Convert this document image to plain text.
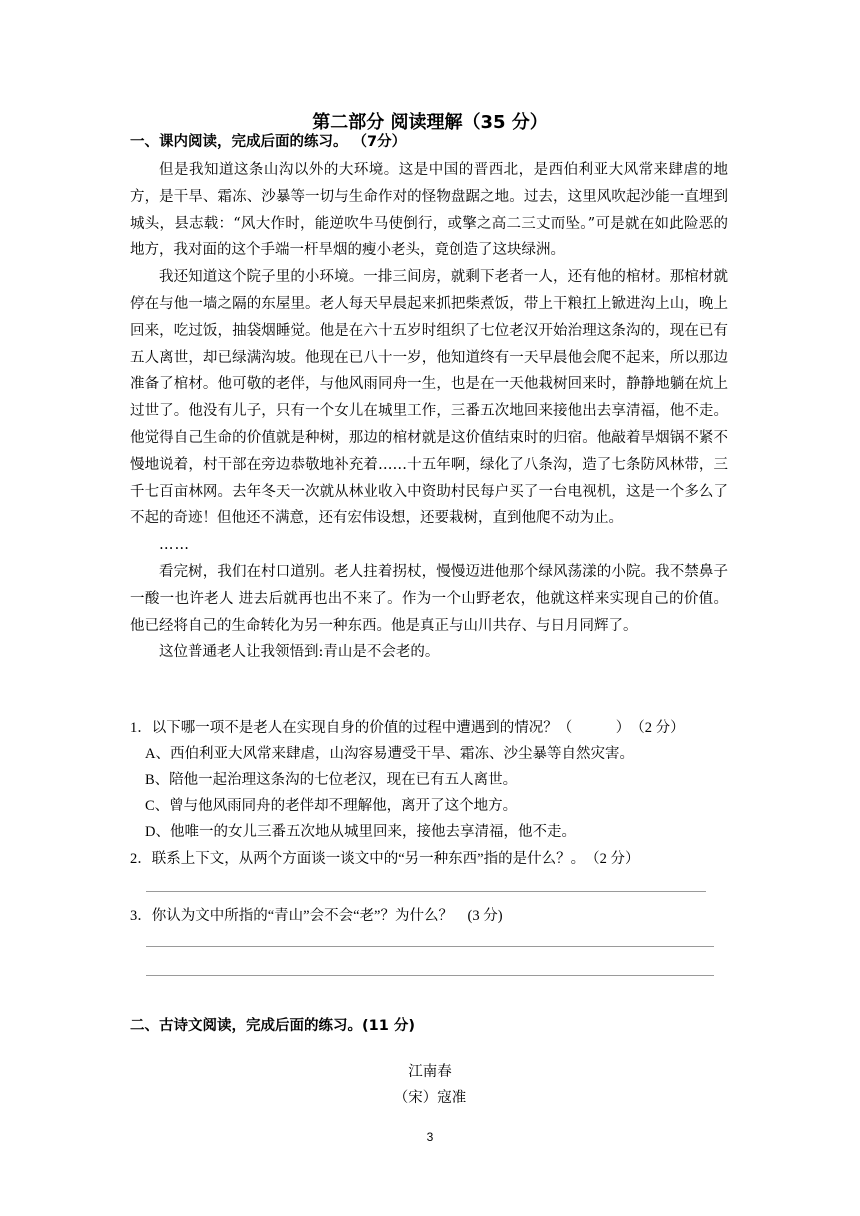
第二部分 阅读理解（35 分）
一、课内阅读，完成后面的练习。 （7分）

但是我知道这条山沟以外的大环境。这是中国的晋西北，是西伯利亚大风常来肆虐的地方，是干旱、霜冻、沙暴等一切与生命作对的怪物盘踞之地。过去，这里风吹起沙能一直埋到城头，县志载：“风大作时，能逆吹牛马使倒行，或擎之高二三丈而坠。”可是就在如此险恶的地方，我对面的这个手端一杆旱烟的瘦小老头，竟创造了这块绿洲。

我还知道这个院子里的小环境。一排三间房，就剩下老者一人，还有他的棺材。那棺材就停在与他一墙之隔的东屋里。老人每天早晨起来抓把柴煮饭，带上干粮扛上锨进沟上山，晚上回来，吃过饭，抽袋烟睡觉。他是在六十五岁时组织了七位老汉开始治理这条沟的，现在已有五人离世，却已绿满沟坡。他现在已八十一岁，他知道终有一天早晨他会爬不起来，所以那边准备了棺材。他可敬的老伴，与他风雨同舟一生，也是在一天他栽树回来时，静静地躺在炕上过世了。他没有儿子，只有一个女儿在城里工作，三番五次地回来接他出去享清福，他不走。他觉得自己生命的价值就是种树，那边的棺材就是这价值结束时的归宿。他敲着旱烟锅不紧不慢地说着，村干部在旁边恭敬地补充着……十五年啊，绿化了八条沟，造了七条防风林带，三千七百亩林网。去年冬天一次就从林业收入中资助村民每户买了一台电视机，这是一个多么了不起的奇迹！但他还不满意，还有宏伟设想，还要栽树，直到他爬不动为止。

……

看完树，我们在村口道别。老人拄着拐杖，慢慢迈进他那个绿风荡漾的小院。我不禁鼻子一酸一也许老人 进去后就再也出不来了。作为一个山野老农，他就这样来实现自己的价值。他已经将自己的生命转化为另一种东西。他是真正与山川共存、与日月同辉了。

这位普通老人让我领悟到:青山是不会老的。

1．以下哪一项不是老人在实现自身的价值的过程中遭遇到的情况？（　　　）　（2 分）
A、西伯利亚大风常来肆虐，山沟容易遭受干旱、霜冻、沙尘暴等自然灾害。
B、陪他一起治理这条沟的七位老汉，现在已有五人离世。
C、曾与他风雨同舟的老伴却不理解他，离开了这个地方。
D、他唯一的女儿三番五次地从城里回来，接他去享清福，他不走。
2．联系上下文，从两个方面谈一谈文中的“另一种东西”指的是什么？。　（2 分）
3．你认为文中所指的“青山”会不会“老”？为什么？　(3 分)
二、古诗文阅读，完成后面的练习。(11 分)
江南春
（宋）寇准
3
